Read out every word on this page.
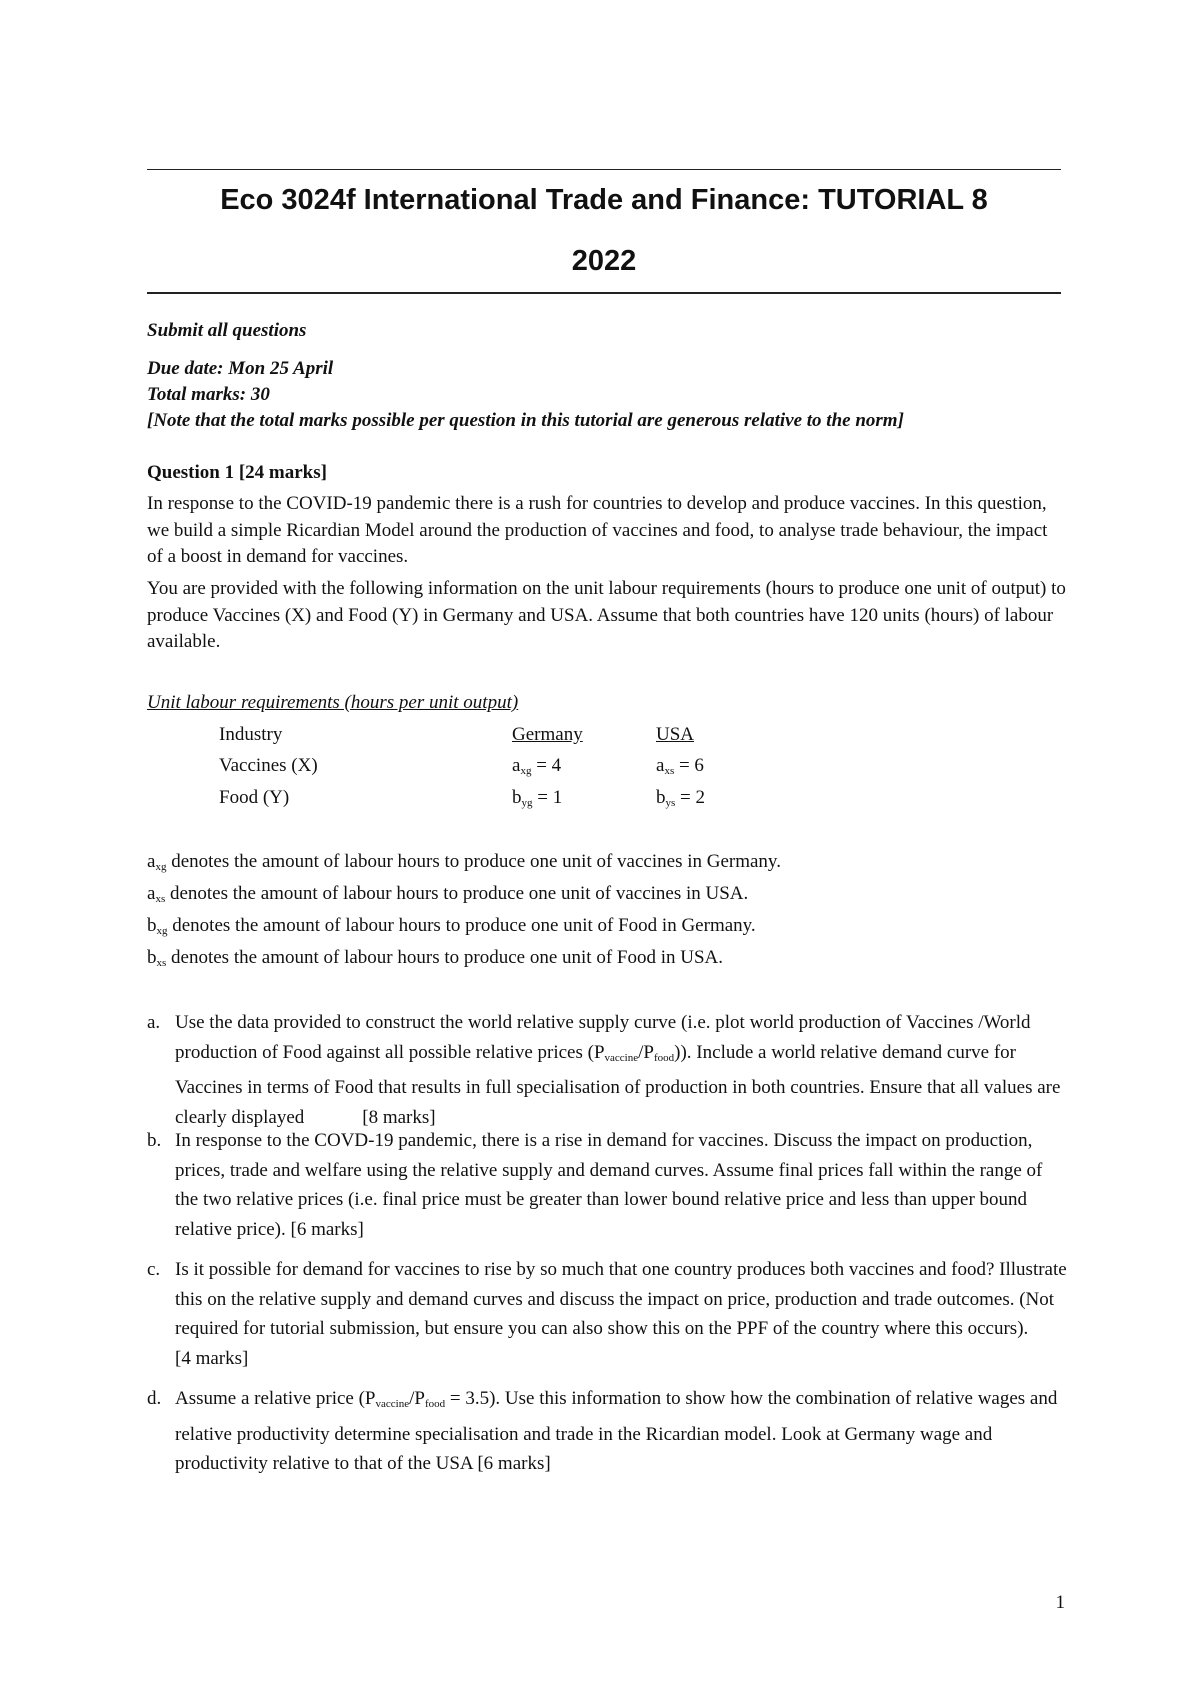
Eco 3024f International Trade and Finance: TUTORIAL 8
2022
Submit all questions
Due date: Mon 25 April
Total marks: 30
[Note that the total marks possible per question in this tutorial are generous relative to the norm]
Question 1 [24 marks]
In response to the COVID-19 pandemic there is a rush for countries to develop and produce vaccines. In this question, we build a simple Ricardian Model around the production of vaccines and food, to analyse trade behaviour, the impact of a boost in demand for vaccines.
You are provided with the following information on the unit labour requirements (hours to produce one unit of output) to produce Vaccines (X) and Food (Y) in Germany and USA. Assume that both countries have 120 units (hours) of labour available.
Unit labour requirements (hours per unit output)
Industry	Germany	USA
Vaccines (X)	$a_{xg} = 4$	$a_{xs} = 6$
Food (Y)	$b_{yg} = 1$	$b_{ys} = 2$
$a_{xg}$ denotes the amount of labour hours to produce one unit of vaccines in Germany.
$a_{xs}$ denotes the amount of labour hours to produce one unit of vaccines in USA.
$b_{xg}$ denotes the amount of labour hours to produce one unit of Food in Germany.
$b_{xs}$ denotes the amount of labour hours to produce one unit of Food in USA.
a. Use the data provided to construct the world relative supply curve (i.e. plot world production of Vaccines /World production of Food against all possible relative prices $(P_{vaccine}/P_{food})$). Include a world relative demand curve for Vaccines in terms of Food that results in full specialisation of production in both countries. Ensure that all values are clearly displayed	[8 marks]
b. In response to the COVD-19 pandemic, there is a rise in demand for vaccines. Discuss the impact on production, prices, trade and welfare using the relative supply and demand curves. Assume final prices fall within the range of the two relative prices (i.e. final price must be greater than lower bound relative price and less than upper bound relative price). [6 marks]
c. Is it possible for demand for vaccines to rise by so much that one country produces both vaccines and food? Illustrate this on the relative supply and demand curves and discuss the impact on price, production and trade outcomes. (Not required for tutorial submission, but ensure you can also show this on the PPF of the country where this occurs).[4 marks]
d. Assume a relative price $(P_{vaccine}/P_{food} = 3.5)$. Use this information to show how the combination of relative wages and relative productivity determine specialisation and trade in the Ricardian model. Look at Germany wage and productivity relative to that of the USA [6 marks]
1
